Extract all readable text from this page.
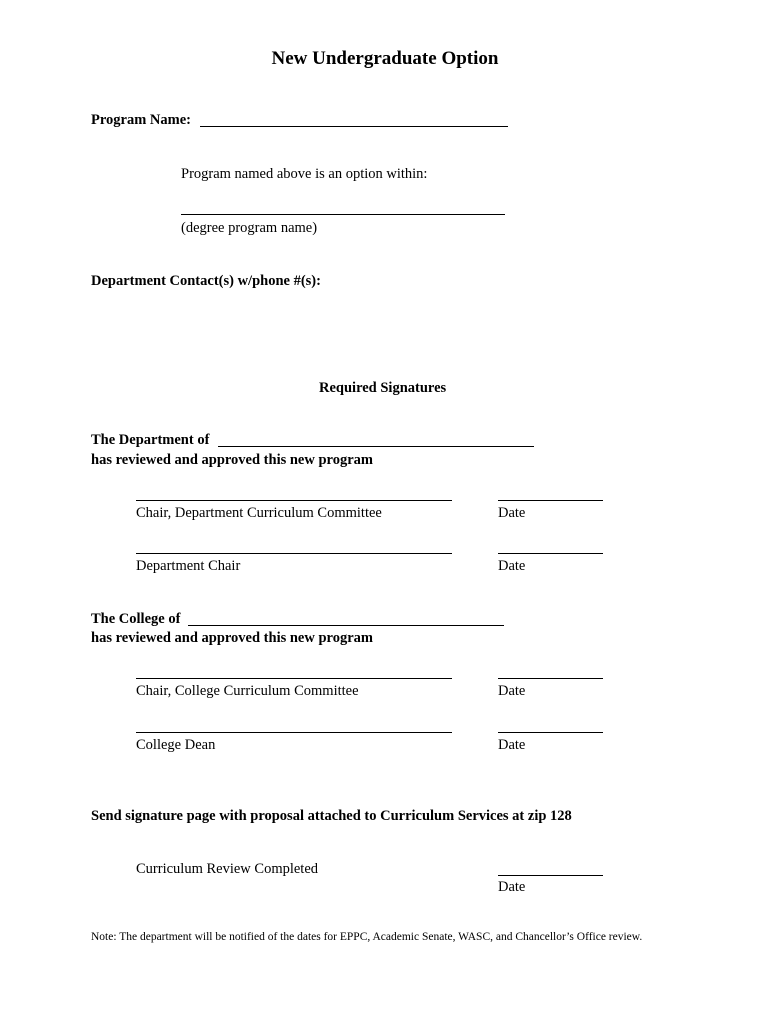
New Undergraduate Option
Program Name:
Program named above is an option within:
(degree program name)
Department Contact(s) w/phone #(s):
Required Signatures
The Department of
has reviewed and approved this new program
Chair, Department Curriculum Committee	Date
Department Chair	Date
The College of
has reviewed and approved this new program
Chair, College Curriculum Committee	Date
College Dean	Date
Send signature page with proposal attached to Curriculum Services at zip 128
Curriculum Review Completed
Date
Note: The department will be notified of the dates for EPPC, Academic Senate, WASC, and Chancellor’s Office review.
